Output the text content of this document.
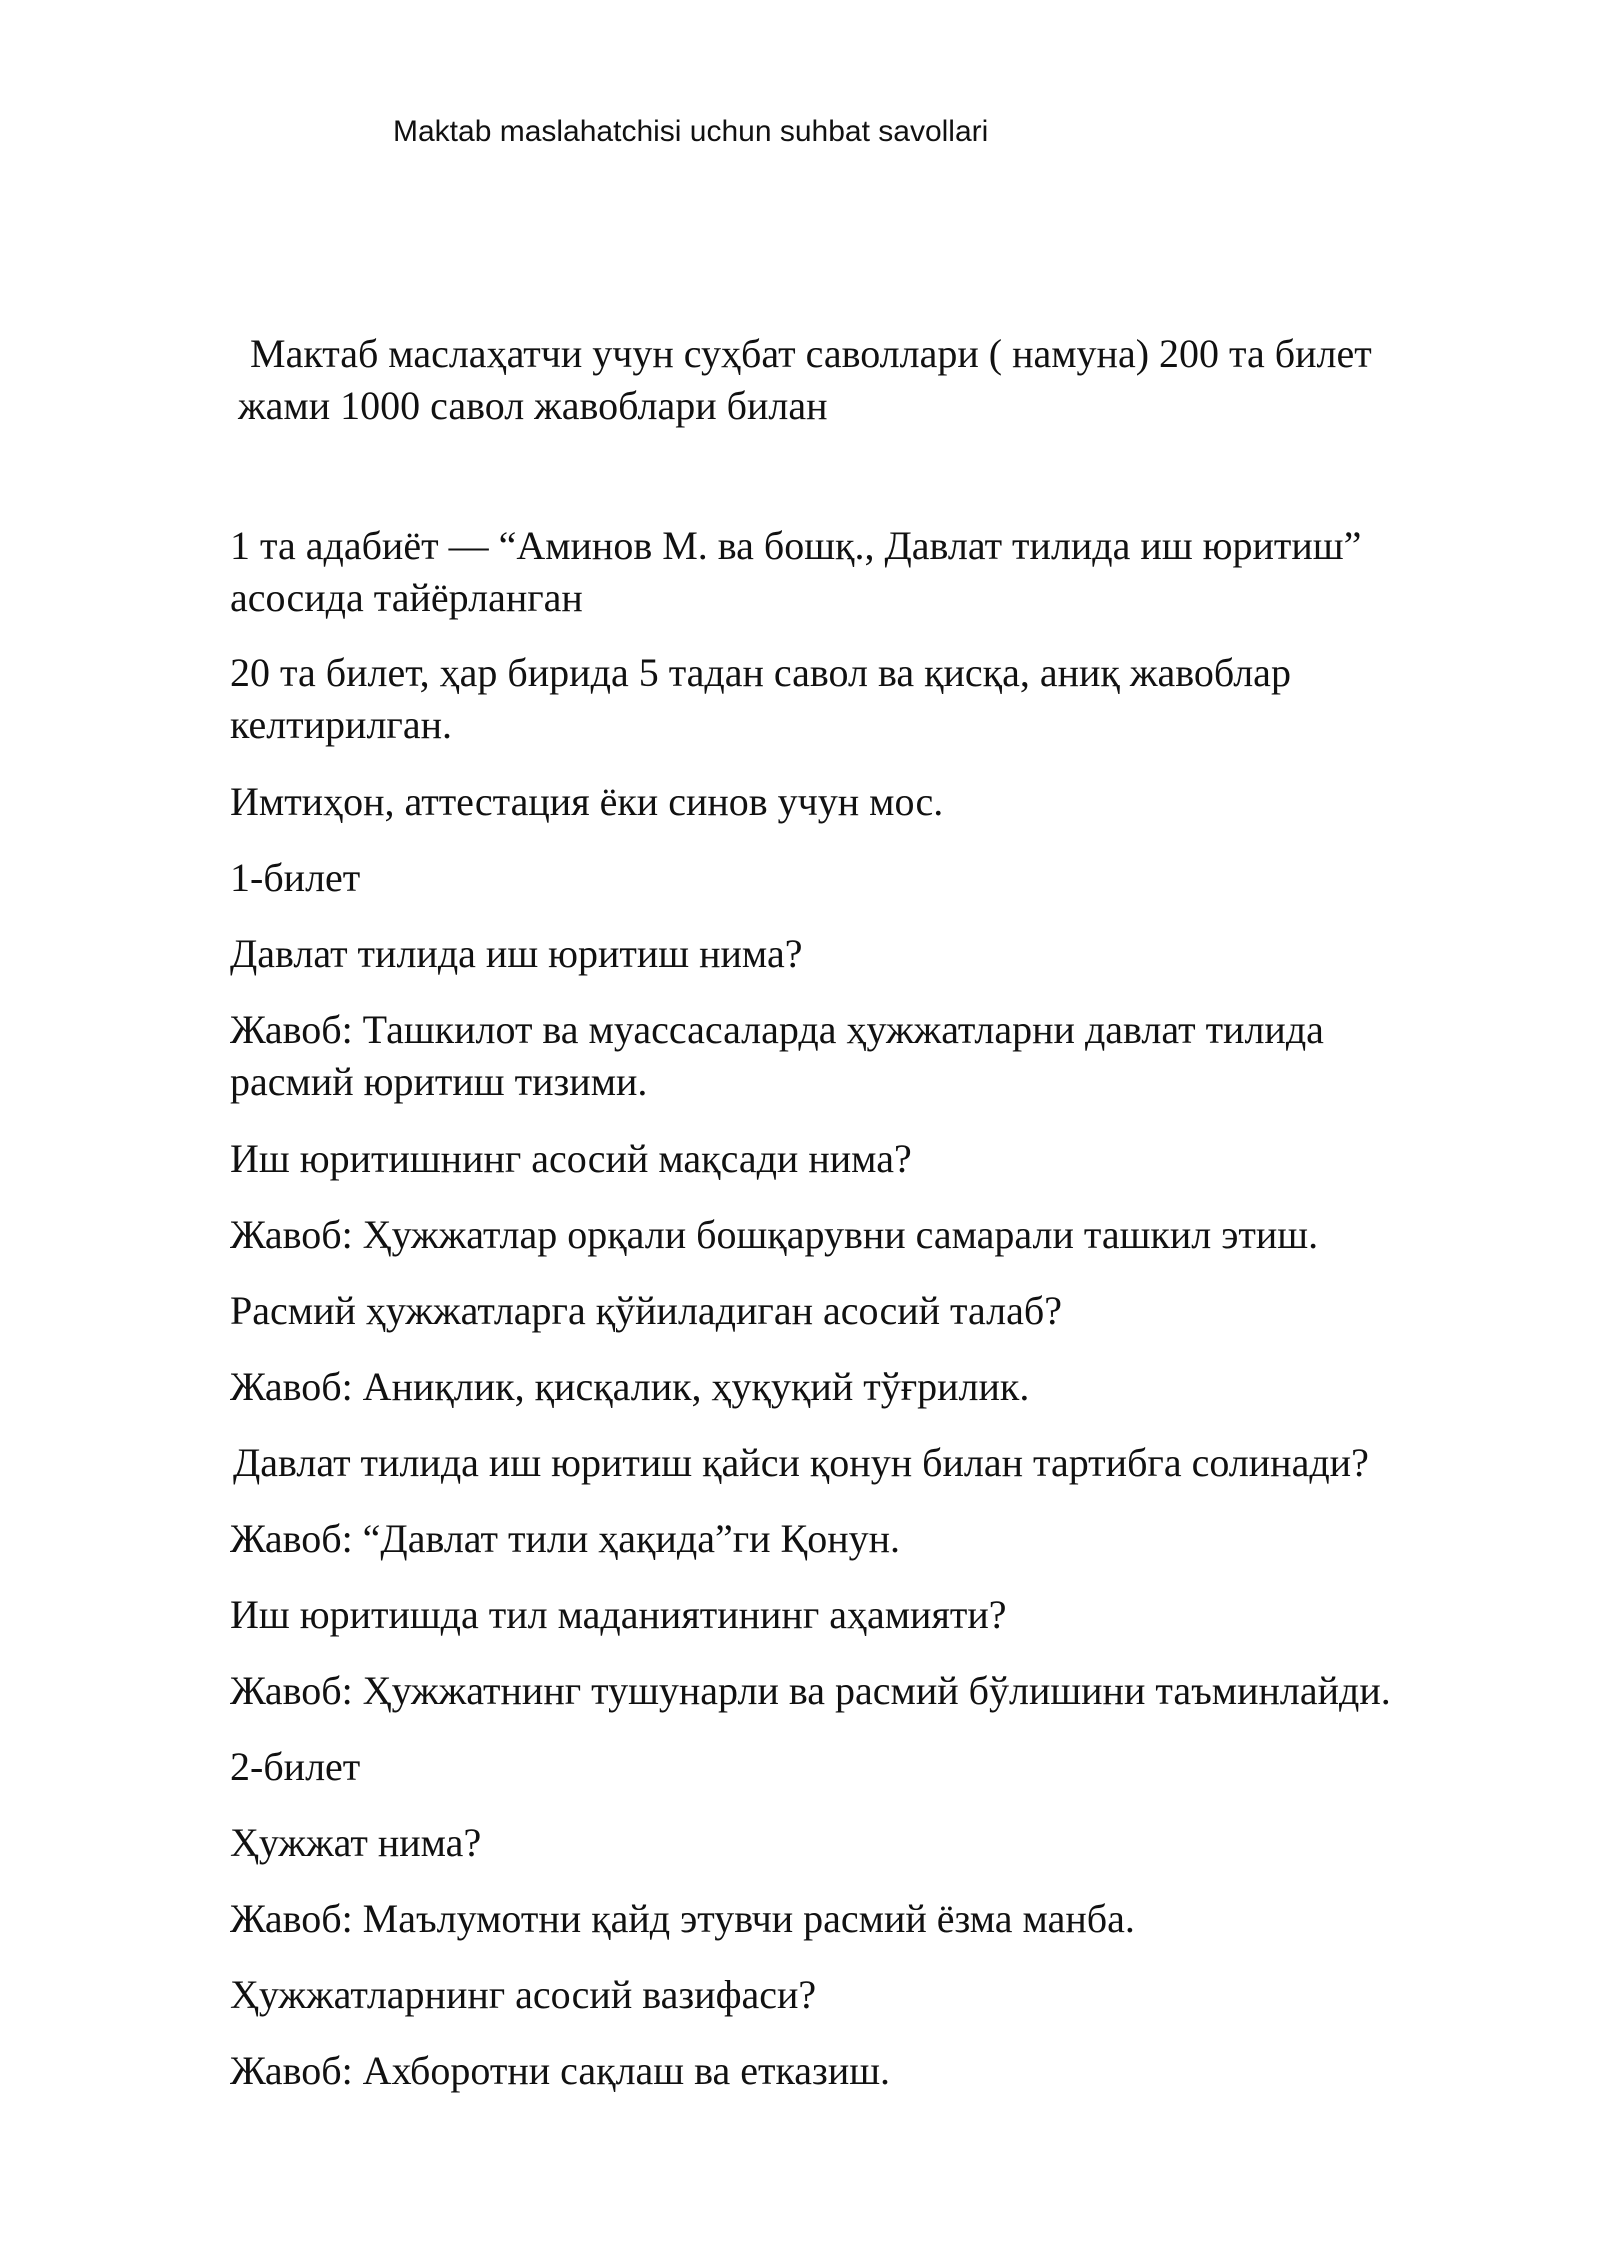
Maktab maslahatchisi uchun suhbat savollari
Мактаб маслаҳатчи учун суҳбат саволлари ( намуна) 200 та билет
жами 1000 савол жавоблари билан
1 та адабиёт — “Аминов М. ва бошқ., Давлат тилида иш юритиш”
асосида тайёрланган
20 та билет, ҳар бирида 5 тадан савол ва қисқа, аниқ жавоблар
келтирилган.
Имтиҳон, аттестация ёки синов учун мос.
1-билет
Давлат тилида иш юритиш нима?
Жавоб: Ташкилот ва муассасаларда ҳужжатларни давлат тилида
расмий юритиш тизими.
Иш юритишнинг асосий мақсади нима?
Жавоб: Ҳужжатлар орқали бошқарувни самарали ташкил этиш.
Расмий ҳужжатларга қўйиладиган асосий талаб?
Жавоб: Аниқлик, қисқалик, ҳуқуқий тўғрилик.
Давлат тилида иш юритиш қайси қонун билан тартибга солинади?
Жавоб: “Давлат тили ҳақида”ги Қонун.
Иш юритишда тил маданиятининг аҳамияти?
Жавоб: Ҳужжатнинг тушунарли ва расмий бўлишини таъминлайди.
2-билет
Ҳужжат нима?
Жавоб: Маълумотни қайд этувчи расмий ёзма манба.
Ҳужжатларнинг асосий вазифаси?
Жавоб: Ахборотни сақлаш ва етказиш.
